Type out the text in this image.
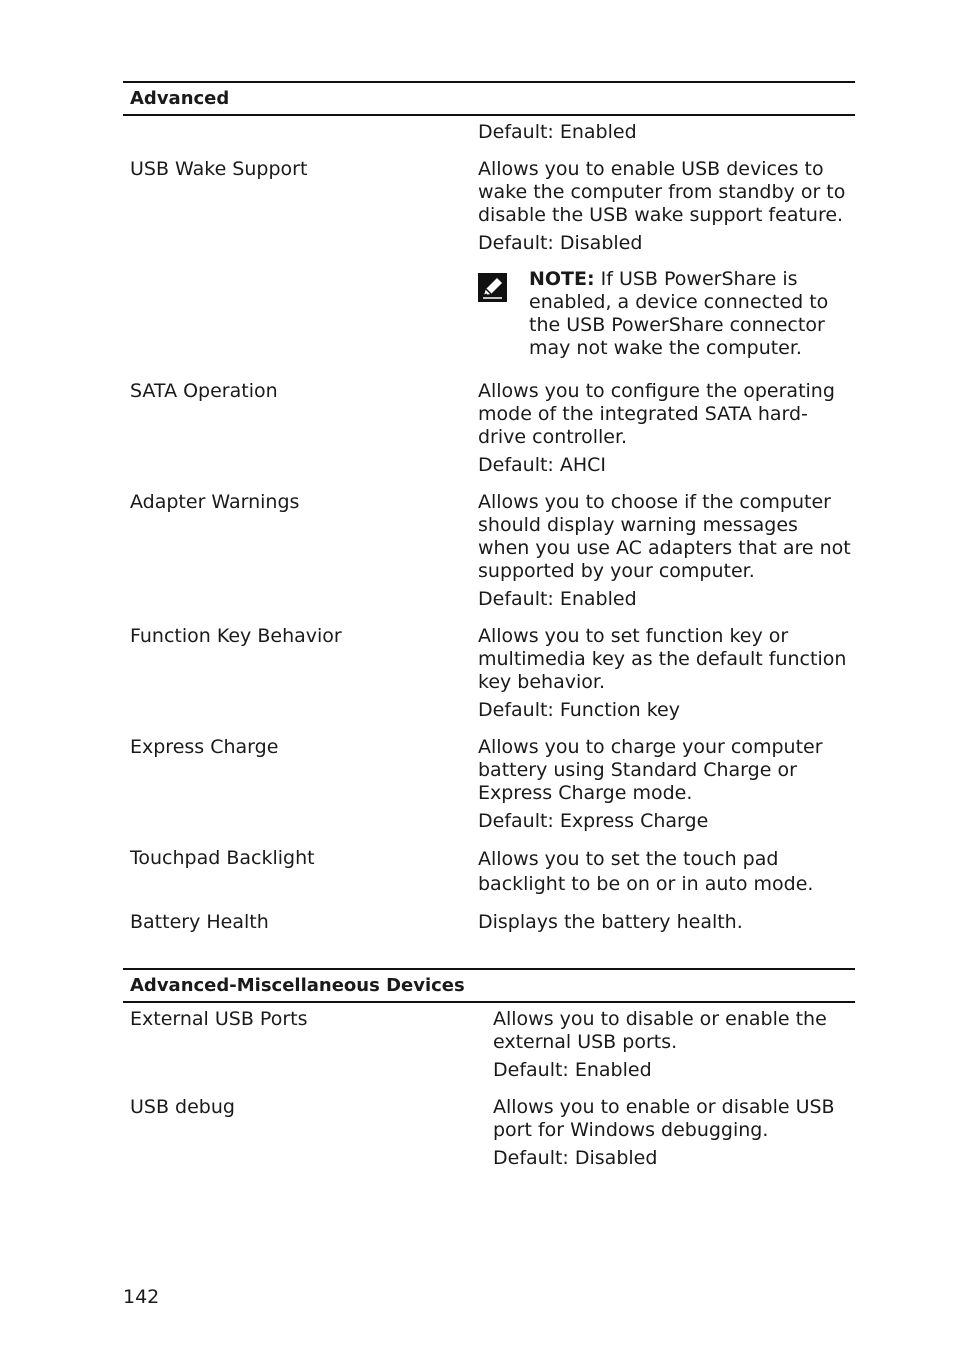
Advanced

Default: Enabled

USB Wake Support	Allows you to enable USB devices to wake the computer from standby or to disable the USB wake support feature.

Default: Disabled

NOTE: If USB PowerShare is enabled, a device connected to the USB PowerShare connector may not wake the computer.
SATA Operation	Allows you to configure the operating mode of the integrated SATA hard-drive controller.

Default: AHCI

Adapter Warnings	Allows you to choose if the computer should display warning messages when you use AC adapters that are not supported by your computer.

Default: Enabled

Function Key Behavior	Allows you to set function key or multimedia key as the default function key behavior.

Default: Function key

Express Charge	Allows you to charge your computer battery using Standard Charge or Express Charge mode.

Default: Express Charge

Touchpad Backlight	Allows you to set the touch pad backlight to be on or in auto mode.

Battery Health	Displays the battery health.

Advanced-Miscellaneous Devices
External USB Ports	Allows you to disable or enable the external USB ports.

Default: Enabled

USB debug	Allows you to enable or disable USB port for Windows debugging.

Default: Disabled

142
